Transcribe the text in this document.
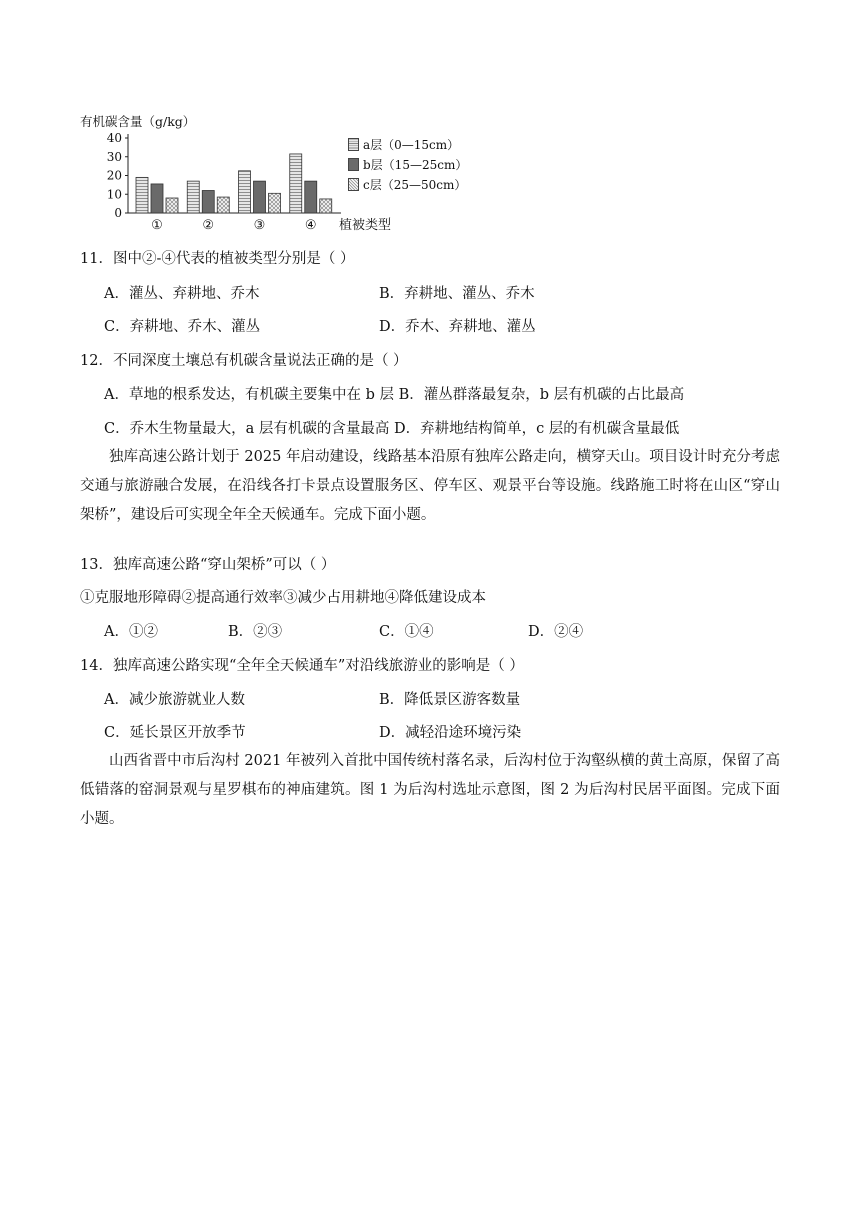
有机碳含量（g/kg）
0
10
20
30
40
①	②	③	④
a层（0—15cm）
b层（15—25cm）
c层（25—50cm）
植被类型
11．图中②-④代表的植被类型分别是（ ）
A．灌丛、弃耕地、乔木	B．弃耕地、灌丛、乔木
C．弃耕地、乔木、灌丛	D．乔木、弃耕地、灌丛
12．不同深度土壤总有机碳含量说法正确的是（ ）
A．草地的根系发达，有机碳主要集中在 b 层 B．灌丛群落最复杂，b 层有机碳的占比最高
C．乔木生物量最大，a 层有机碳的含量最高 D．弃耕地结构简单，c 层的有机碳含量最低
独库高速公路计划于 2025 年启动建设，线路基本沿原有独库公路走向，横穿天山。项目设计时充分考虑交通与旅游融合发展，在沿线各打卡景点设置服务区、停车区、观景平台等设施。线路施工时将在山区“穿山架桥”，建设后可实现全年全天候通车。完成下面小题。
13．独库高速公路“穿山架桥”可以（ ）
①克服地形障碍②提高通行效率③减少占用耕地④降低建设成本
A．①②	B．②③	C．①④	D．②④
14．独库高速公路实现“全年全天候通车”对沿线旅游业的影响是（ ）
A．减少旅游就业人数	B．降低景区游客数量
C．延长景区开放季节	D．减轻沿途环境污染
山西省晋中市后沟村 2021 年被列入首批中国传统村落名录，后沟村位于沟壑纵横的黄土高原，保留了高低错落的窑洞景观与星罗棋布的神庙建筑。图 1 为后沟村选址示意图，图 2 为后沟村民居平面图。完成下面小题。
